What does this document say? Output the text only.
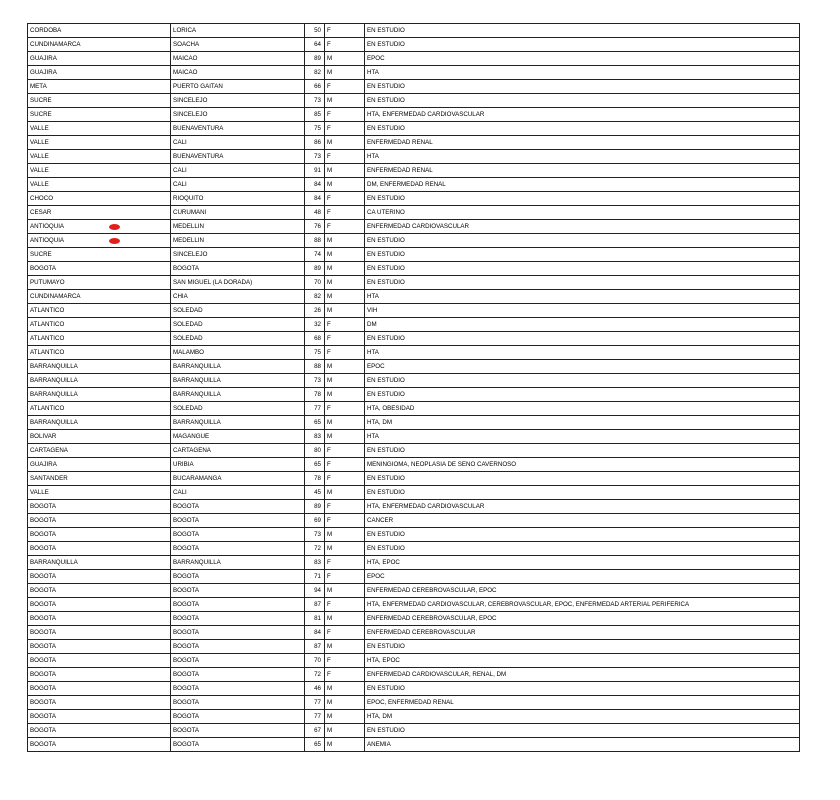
CORDOBA	LORICA	50	F	EN ESTUDIO
CUNDINAMARCA	SOACHA	64	F	EN ESTUDIO
GUAJIRA	MAICAO	89	M	EPOC
GUAJIRA	MAICAO	82	M	HTA
META	PUERTO GAITAN	66	F	EN ESTUDIO
SUCRE	SINCELEJO	73	M	EN ESTUDIO
SUCRE	SINCELEJO	85	F	HTA, ENFERMEDAD CARDIOVASCULAR
VALLE	BUENAVENTURA	75	F	EN ESTUDIO
VALLE	CALI	86	M	ENFERMEDAD RENAL
VALLE	BUENAVENTURA	73	F	HTA
VALLE	CALI	91	M	ENFERMEDAD RENAL
VALLE	CALI	84	M	DM, ENFERMEDAD RENAL
CHOCO	RIOQUITO	84	F	EN ESTUDIO
CESAR	CURUMANI	48	F	CA UTERINO
ANTIOQUIA	MEDELLIN	76	F	ENFERMEDAD CARDIOVASCULAR
ANTIOQUIA	MEDELLIN	88	M	EN ESTUDIO
SUCRE	SINCELEJO	74	M	EN ESTUDIO
BOGOTA	BOGOTA	89	M	EN ESTUDIO
PUTUMAYO	SAN MIGUEL (LA DORADA)	70	M	EN ESTUDIO
CUNDINAMARCA	CHIA	82	M	HTA
ATLANTICO	SOLEDAD	26	M	VIH
ATLANTICO	SOLEDAD	32	F	DM
ATLANTICO	SOLEDAD	68	F	EN ESTUDIO
ATLANTICO	MALAMBO	75	F	HTA
BARRANQUILLA	BARRANQUILLA	88	M	EPOC
BARRANQUILLA	BARRANQUILLA	73	M	EN ESTUDIO
BARRANQUILLA	BARRANQUILLA	78	M	EN ESTUDIO
ATLANTICO	SOLEDAD	77	F	HTA, OBESIDAD
BARRANQUILLA	BARRANQUILLA	65	M	HTA, DM
BOLIVAR	MAGANGUE	83	M	HTA
CARTAGENA	CARTAGENA	80	F	EN ESTUDIO
GUAJIRA	URIBIA	65	F	MENINGIOMA, NEOPLASIA DE SENO CAVERNOSO
SANTANDER	BUCARAMANGA	78	F	EN ESTUDIO
VALLE	CALI	45	M	EN ESTUDIO
BOGOTA	BOGOTA	89	F	HTA, ENFERMEDAD CARDIOVASCULAR
BOGOTA	BOGOTA	69	F	CANCER
BOGOTA	BOGOTA	73	M	EN ESTUDIO
BOGOTA	BOGOTA	72	M	EN ESTUDIO
BARRANQUILLA	BARRANQUILLA	83	F	HTA, EPOC
BOGOTA	BOGOTA	71	F	EPOC
BOGOTA	BOGOTA	94	M	ENFERMEDAD CEREBROVASCULAR, EPOC
BOGOTA	BOGOTA	87	F	HTA, ENFERMEDAD CARDIOVASCULAR, CEREBROVASCULAR, EPOC, ENFERMEDAD ARTERIAL PERIFERICA
BOGOTA	BOGOTA	81	M	ENFERMEDAD CEREBROVASCULAR, EPOC
BOGOTA	BOGOTA	84	F	ENFERMEDAD CEREBROVASCULAR
BOGOTA	BOGOTA	87	M	EN ESTUDIO
BOGOTA	BOGOTA	70	F	HTA, EPOC
BOGOTA	BOGOTA	72	F	ENFERMEDAD CARDIOVASCULAR, RENAL, DM
BOGOTA	BOGOTA	46	M	EN ESTUDIO
BOGOTA	BOGOTA	77	M	EPOC, ENFERMEDAD RENAL
BOGOTA	BOGOTA	77	M	HTA, DM
BOGOTA	BOGOTA	67	M	EN ESTUDIO
BOGOTA	BOGOTA	65	M	ANEMIA
